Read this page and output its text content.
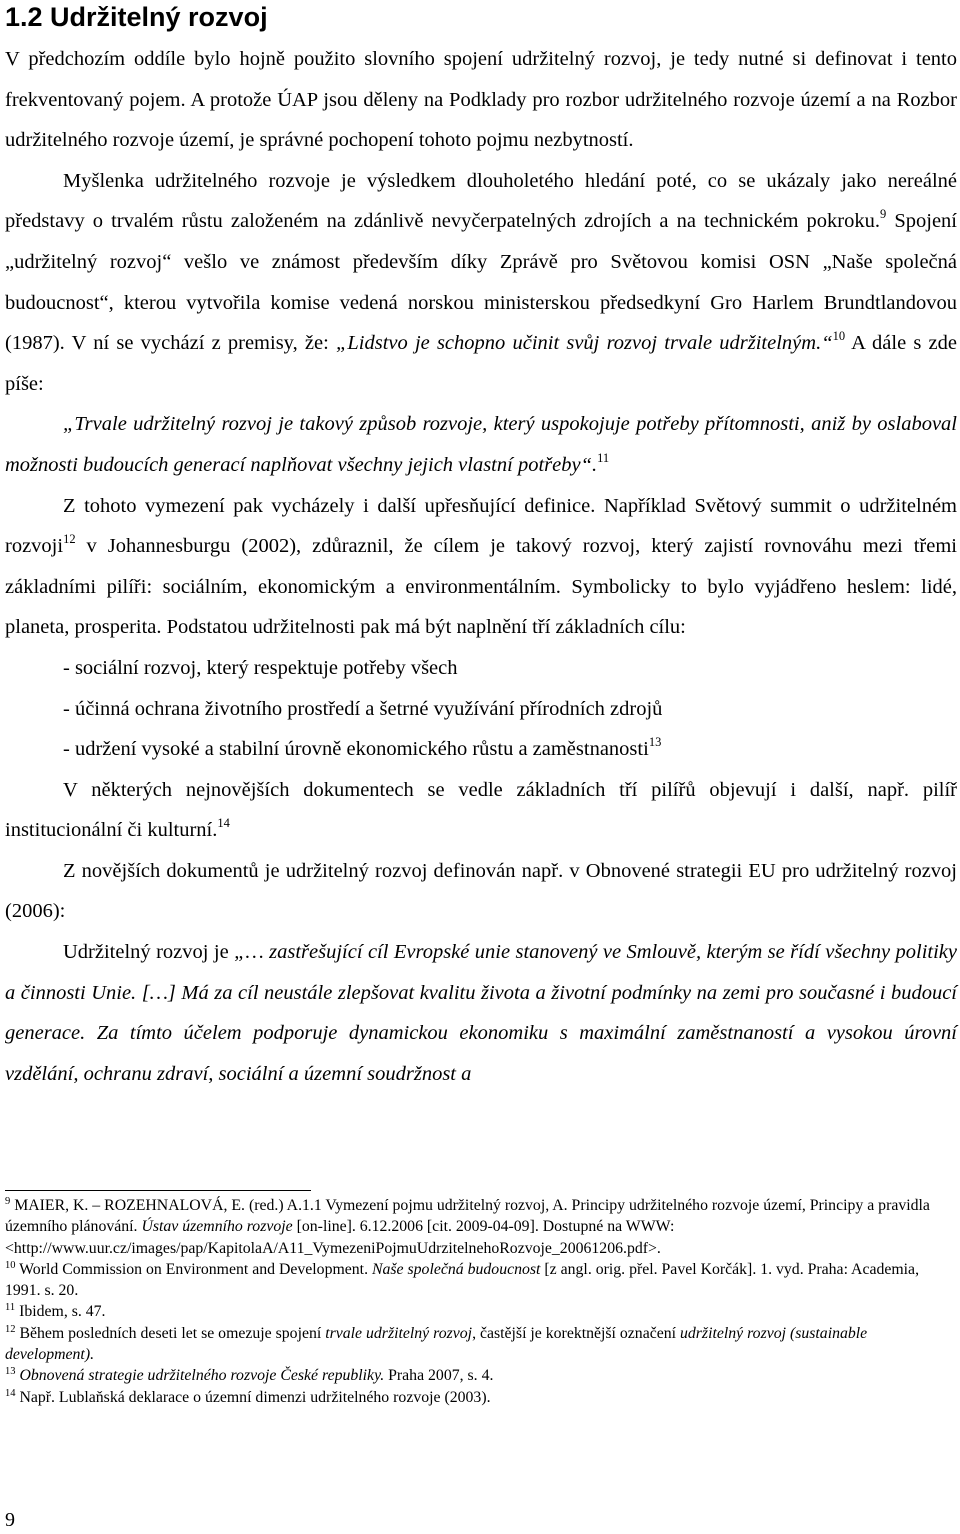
1.2 Udržitelný rozvoj

V předchozím oddíle bylo hojně použito slovního spojení udržitelný rozvoj, je tedy nutné si definovat i tento frekventovaný pojem. A protože ÚAP jsou děleny na Podklady pro rozbor udržitelného rozvoje území a na Rozbor udržitelného rozvoje území, je správné pochopení tohoto pojmu nezbytností.

Myšlenka udržitelného rozvoje je výsledkem dlouholetého hledání poté, co se ukázaly jako nereálné představy o trvalém růstu založeném na zdánlivě nevyčerpatelných zdrojích a na technickém pokroku.$^9$ Spojení „udržitelný rozvoj“ vešlo ve známost především díky Zprávě pro Světovou komisi OSN „Naše společná budoucnost“, kterou vytvořila komise vedená norskou ministerskou předsedkyní Gro Harlem Brundtlandovou (1987). V ní se vychází z premisy, že: „Lidstvo je schopno učinit svůj rozvoj trvale udržitelným.“$^{10}$ A dále s zde píše:

„Trvale udržitelný rozvoj je takový způsob rozvoje, který uspokojuje potřeby přítomnosti, aniž by oslaboval možnosti budoucích generací naplňovat všechny jejich vlastní potřeby“.$^{11}$

Z tohoto vymezení pak vycházely i další upřesňující definice. Například Světový summit o udržitelném rozvoji$^{12}$ v Johannesburgu (2002), zdůraznil, že cílem je takový rozvoj, který zajistí rovnováhu mezi třemi základními pilíři: sociálním, ekonomickým a environmentálním. Symbolicky to bylo vyjádřeno heslem: lidé, planeta, prosperita. Podstatou udržitelnosti pak má být naplnění tří základních cílu:

- sociální rozvoj, který respektuje potřeby všech

- účinná ochrana životního prostředí a šetrné využívání přírodních zdrojů

- udržení vysoké a stabilní úrovně ekonomického růstu a zaměstnanosti$^{13}$

V některých nejnovějších dokumentech se vedle základních tří pilířů objevují i další, např. pilíř institucionální či kulturní.$^{14}$

Z novějších dokumentů je udržitelný rozvoj definován např. v Obnovené strategii EU pro udržitelný rozvoj (2006):

Udržitelný rozvoj je „… zastřešující cíl Evropské unie stanovený ve Smlouvě, kterým se řídí všechny politiky a činnosti Unie. […] Má za cíl neustále zlepšovat kvalitu života a životní podmínky na zemi pro současné i budoucí generace. Za tímto účelem podporuje dynamickou ekonomiku s maximální zaměstnaností a vysokou úrovní vzdělání, ochranu zdraví, sociální a územní soudržnost a

$^9$ MAIER, K. – ROZEHNALOVÁ, E. (red.) A.1.1 Vymezení pojmu udržitelný rozvoj, A. Principy udržitelného rozvoje území, Principy a pravidla územního plánování. Ústav územního rozvoje [on-line]. 6.12.2006 [cit. 2009-04-09]. Dostupné na WWW: <http://www.uur.cz/images/pap/KapitolaA/A11_VymezeniPojmuUdrzitelnehoRozvoje_20061206.pdf>.

$^{10}$ World Commission on Environment and Development. Naše společná budoucnost [z angl. orig. přel. Pavel Korčák]. 1. vyd. Praha: Academia, 1991. s. 20.

$^{11}$ Ibidem, s. 47.

$^{12}$ Během posledních deseti let se omezuje spojení trvale udržitelný rozvoj, častější je korektnější označení udržitelný rozvoj (sustainable development).

$^{13}$ Obnovená strategie udržitelného rozvoje České republiky. Praha 2007, s. 4.

$^{14}$ Např. Lublaňská deklarace o územní dimenzi udržitelného rozvoje (2003).

9
